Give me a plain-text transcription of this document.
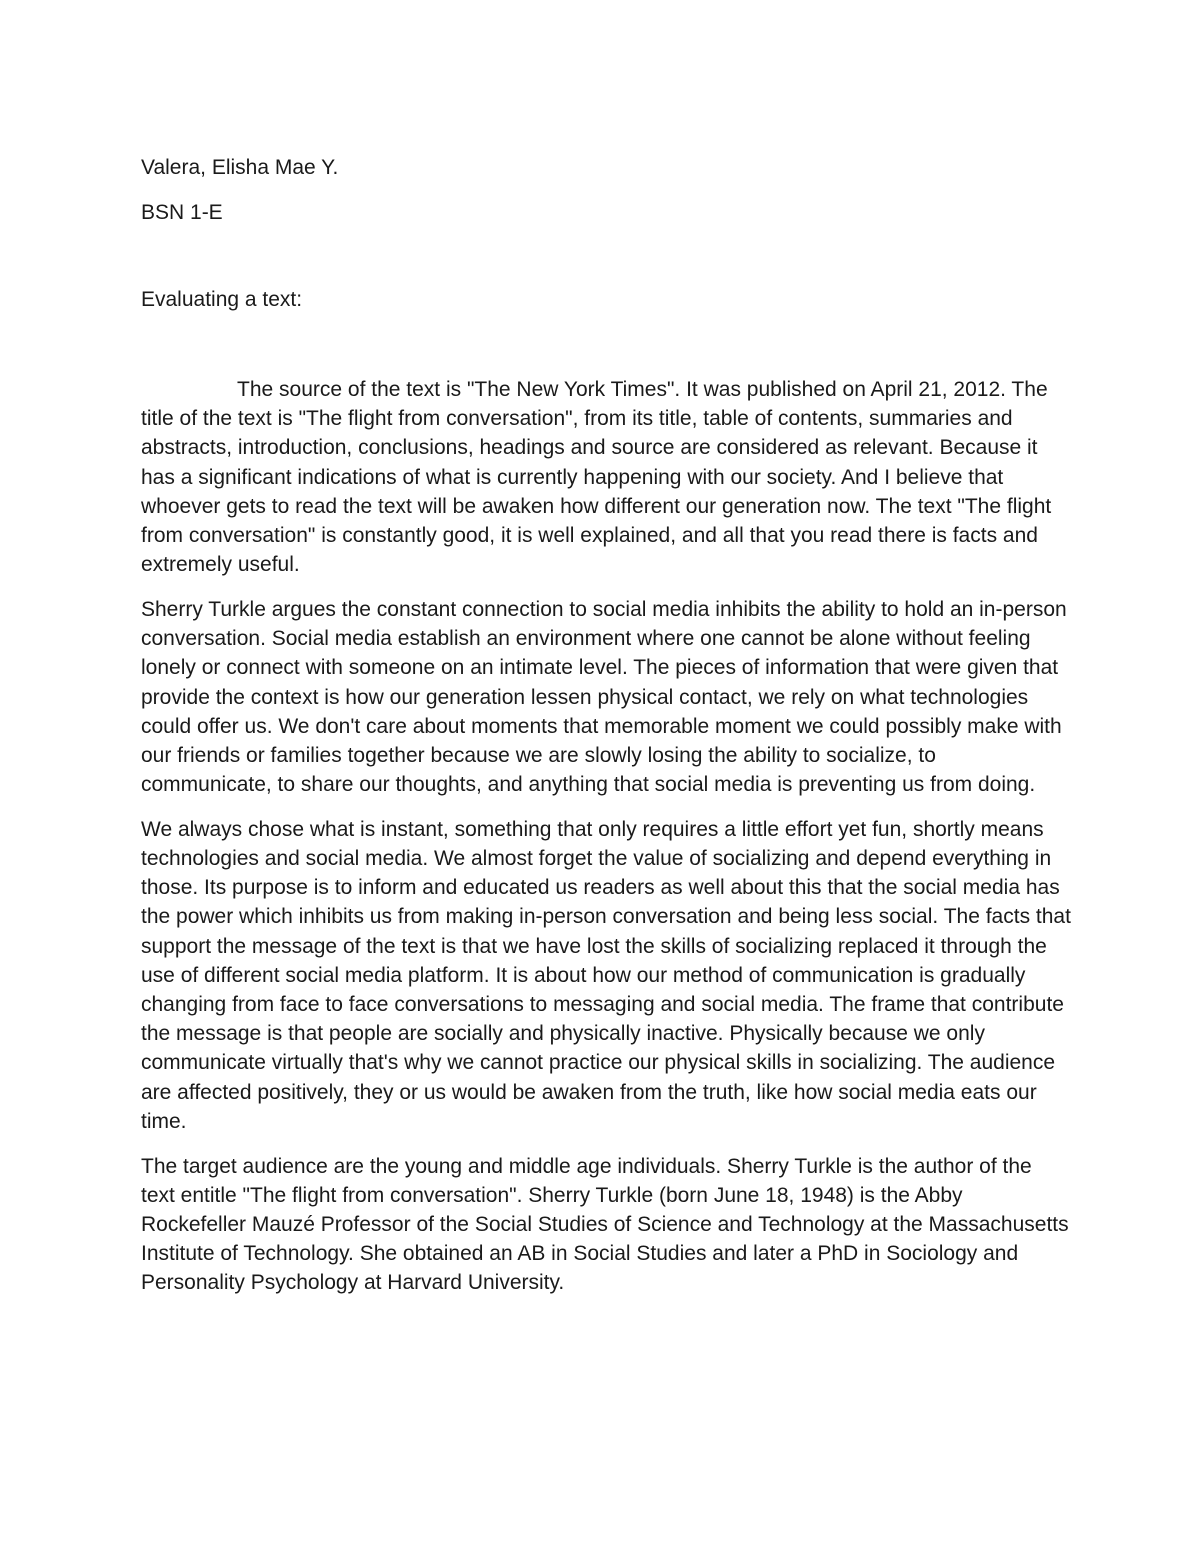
Valera, Elisha Mae Y.

BSN 1-E

Evaluating a text:

The source of the text is "The New York Times". It was published on April 21, 2012. The title of the text is "The flight from conversation", from its title, table of contents, summaries and abstracts, introduction, conclusions, headings and source are considered as relevant. Because it has a significant indications of what is currently happening with our society. And I believe that whoever gets to read the text will be awaken how different our generation now. The text "The flight from conversation" is constantly good, it is well explained, and all that you read there is facts and extremely useful.

Sherry Turkle argues the constant connection to social media inhibits the ability to hold an in-person conversation. Social media establish an environment where one cannot be alone without feeling lonely or connect with someone on an intimate level. The pieces of information that were given that provide the context is how our generation lessen physical contact, we rely on what technologies could offer us. We don't care about moments that memorable moment we could possibly make with our friends or families together because we are slowly losing the ability to socialize, to communicate, to share our thoughts, and anything that social media is preventing us from doing.

We always chose what is instant, something that only requires a little effort yet fun, shortly means technologies and social media. We almost forget the value of socializing and depend everything in those. Its purpose is to inform and educated us readers as well about this that the social media has the power which inhibits us from making in-person conversation and being less social. The facts that support the message of the text is that we have lost the skills of socializing replaced it through the use of different social media platform. It is about how our method of communication is gradually changing from face to face conversations to messaging and social media. The frame that contribute the message is that people are socially and physically inactive. Physically because we only communicate virtually that's why we cannot practice our physical skills in socializing. The audience are affected positively, they or us would be awaken from the truth, like how social media eats our time.

The target audience are the young and middle age individuals. Sherry Turkle is the author of the text entitle "The flight from conversation". Sherry Turkle (born June 18, 1948) is the Abby Rockefeller Mauzé Professor of the Social Studies of Science and Technology at the Massachusetts Institute of Technology. She obtained an AB in Social Studies and later a PhD in Sociology and Personality Psychology at Harvard University.
